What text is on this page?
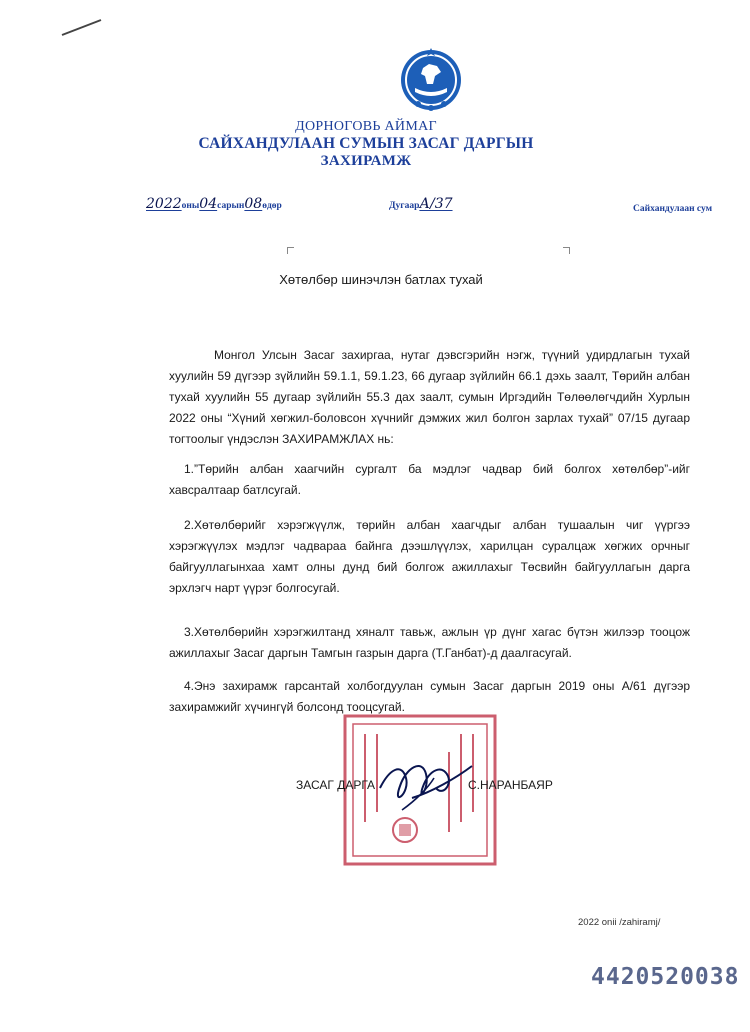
ДОРНОГОВЬ АЙМАГ
САЙХАНДУЛААН СУМЫН ЗАСАГ ДАРГЫН
ЗАХИРАМЖ
2022оны04сарын08өдөр	ДугаарА/37	Сайхандулаан сум
Хөтөлбөр шинэчлэн батлах тухай

Монгол Улсын Засаг захиргаа, нутаг дэвсгэрийн нэгж, түүний удирдлагын тухай хуулийн 59 дүгээр зүйлийн 59.1.1, 59.1.23, 66 дугаар зүйлийн 66.1 дэхь заалт, Төрийн албан тухай хуулийн 55 дугаар зүйлийн 55.3 дах заалт, сумын Иргэдийн Төлөөлөгчдийн Хурлын 2022 оны “Хүний хөгжил-боловсон хүчнийг дэмжих жил болгон зарлах тухай” 07/15 дугаар тогтоолыг үндэслэн ЗАХИРАМЖЛАХ нь:

1.”Төрийн албан хаагчийн сургалт ба мэдлэг чадвар бий болгох хөтөлбөр”-ийг хавсралтаар батлсугай.

2.Хөтөлбөрийг хэрэгжүүлж, төрийн албан хаагчдыг албан тушаалын чиг үүргээ хэрэгжүүлэх мэдлэг чадвараа байнга дээшлүүлэх, харилцан суралцаж хөгжих орчныг байгууллагынхаа хамт олны дунд бий болгож ажиллахыг Төсвийн байгууллагын дарга эрхлэгч нарт үүрэг болгосугай.

3.Хөтөлбөрийн хэрэгжилтанд хяналт тавьж, ажлын үр дүнг хагас бүтэн жилээр тооцож ажиллахыг Засаг даргын Тамгын газрын дарга (Т.Ганбат)-д даалгасугай.

4.Энэ захирамж гарсантай холбогдуулан сумын Засаг даргын 2019 оны А/61 дүгээр захирамжийг хүчингүй болсонд тооцсугай.

ЗАСАГ ДАРГА	С.НАРАНБАЯР
2022 onii /zahiramj/
4420520038
